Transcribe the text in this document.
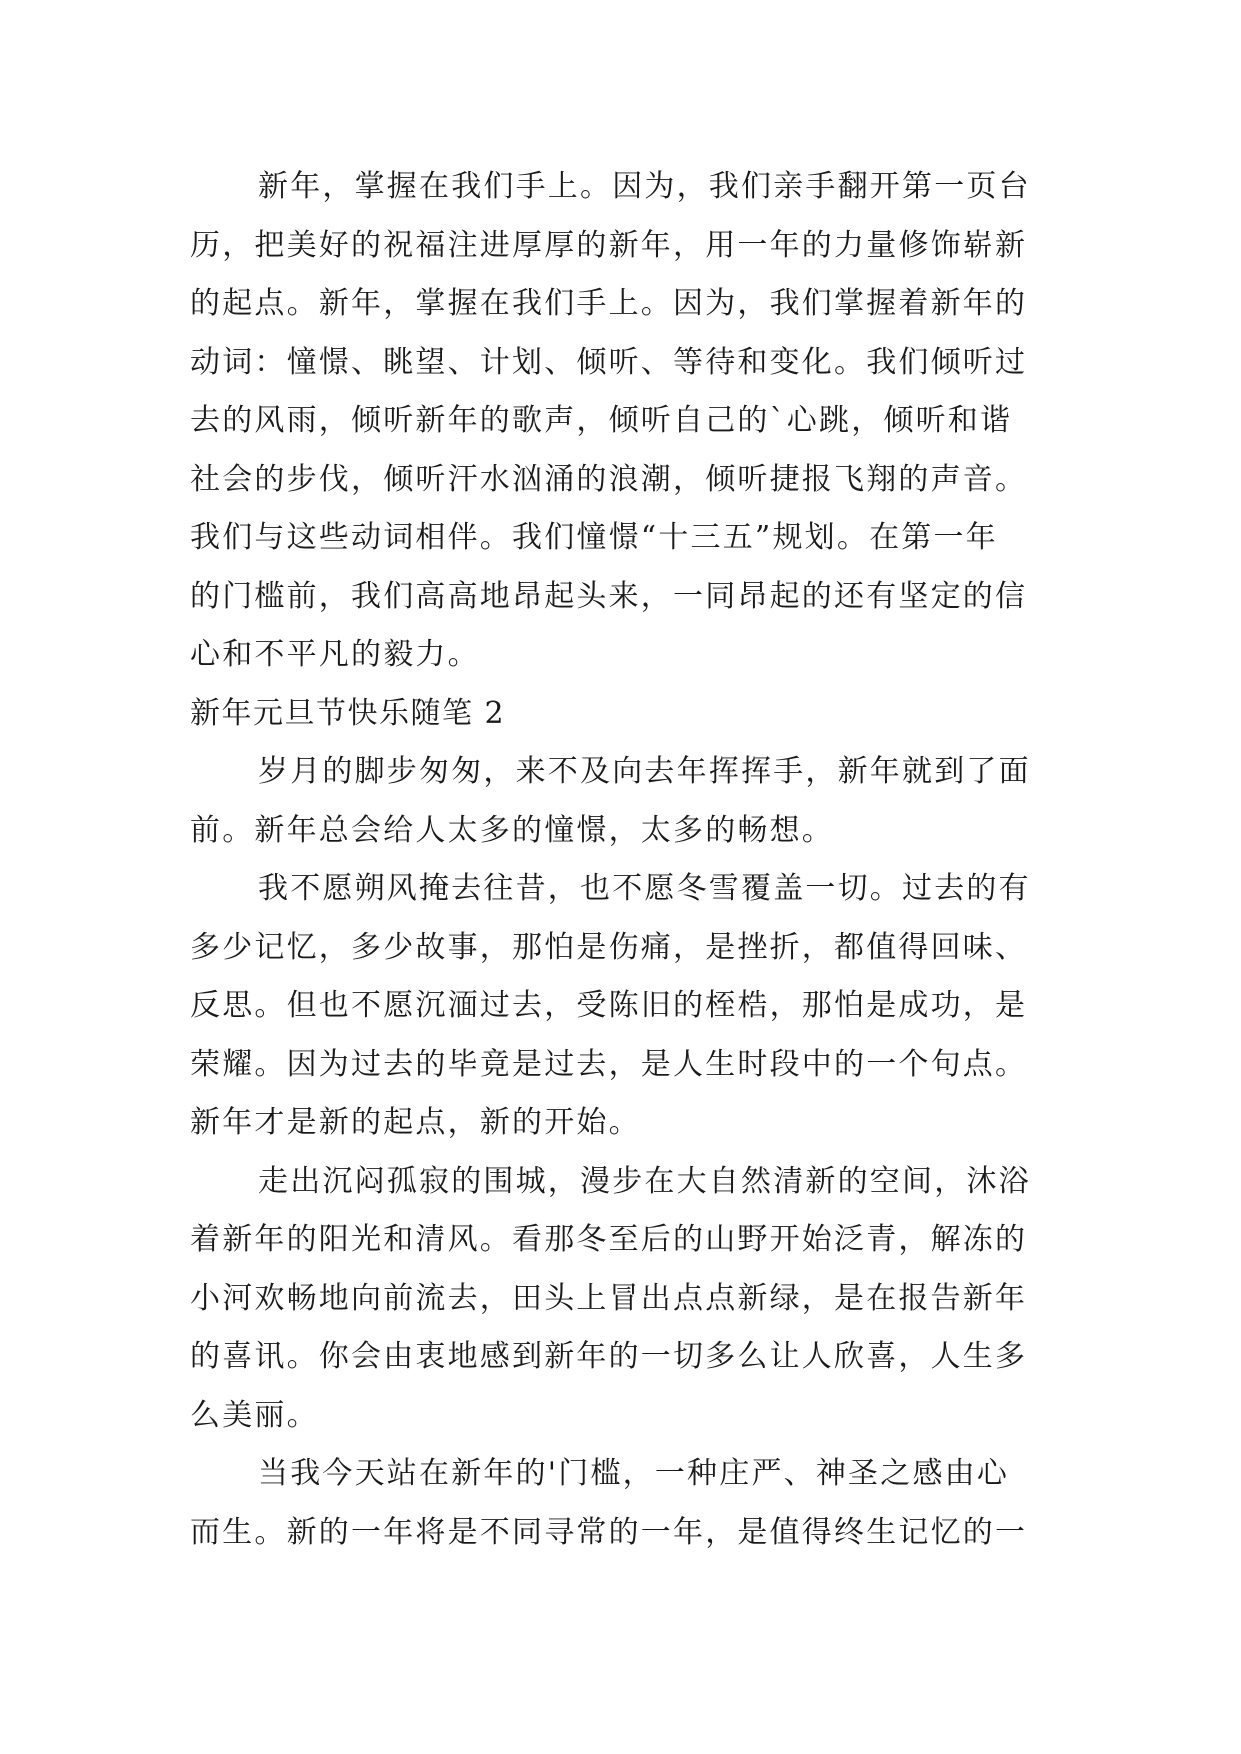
新年，掌握在我们手上。因为，我们亲手翻开第一页台
历，把美好的祝福注进厚厚的新年，用一年的力量修饰崭新
的起点。新年，掌握在我们手上。因为，我们掌握着新年的
动词：憧憬、眺望、计划、倾听、等待和变化。我们倾听过
去的风雨，倾听新年的歌声，倾听自己的`心跳，倾听和谐
社会的步伐，倾听汗水汹涌的浪潮，倾听捷报飞翔的声音。
我们与这些动词相伴。我们憧憬“十三五”规划。在第一年
的门槛前，我们高高地昂起头来，一同昂起的还有坚定的信
心和不平凡的毅力。
新年元旦节快乐随笔 2
岁月的脚步匆匆，来不及向去年挥挥手，新年就到了面
前。新年总会给人太多的憧憬，太多的畅想。
我不愿朔风掩去往昔，也不愿冬雪覆盖一切。过去的有
多少记忆，多少故事，那怕是伤痛，是挫折，都值得回味、
反思。但也不愿沉湎过去，受陈旧的桎梏，那怕是成功，是
荣耀。因为过去的毕竟是过去，是人生时段中的一个句点。
新年才是新的起点，新的开始。
走出沉闷孤寂的围城，漫步在大自然清新的空间，沐浴
着新年的阳光和清风。看那冬至后的山野开始泛青，解冻的
小河欢畅地向前流去，田头上冒出点点新绿，是在报告新年
的喜讯。你会由衷地感到新年的一切多么让人欣喜，人生多
么美丽。
当我今天站在新年的'门槛，一种庄严、神圣之感由心
而生。新的一年将是不同寻常的一年，是值得终生记忆的一
